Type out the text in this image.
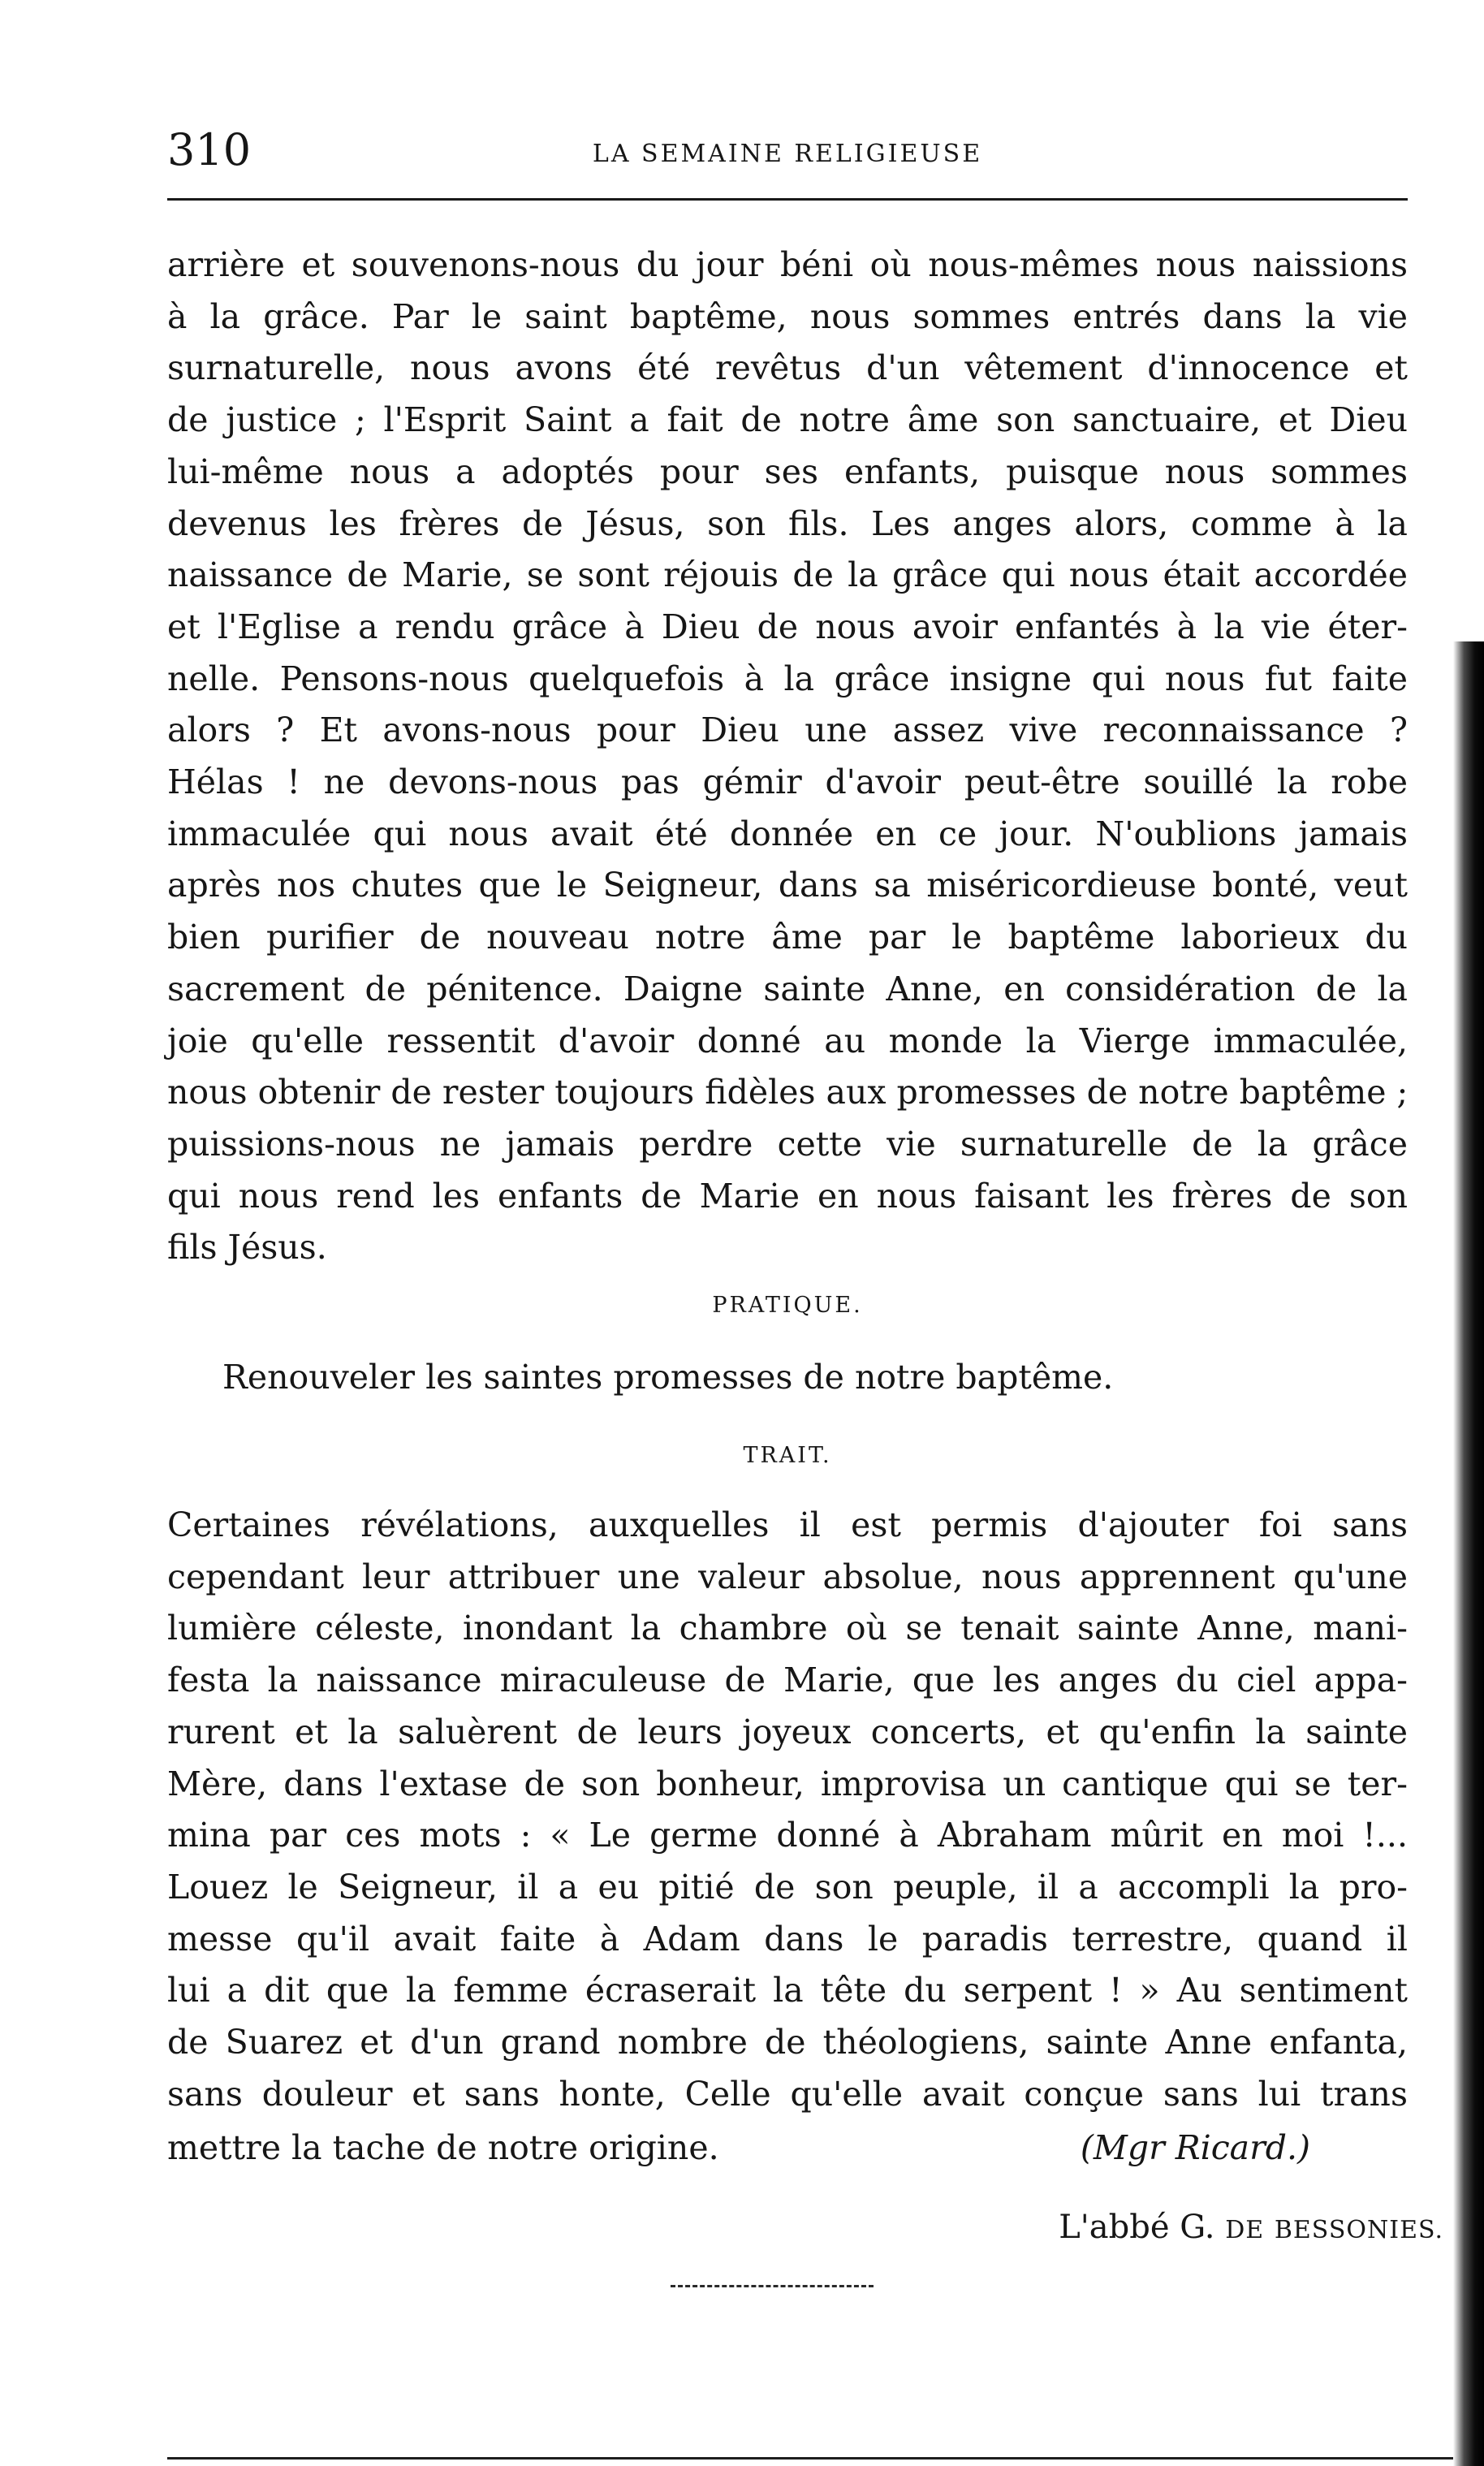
310	LA SEMAINE RELIGIEUSE
arrière et souvenons-nous du jour béni où nous-mêmes nous naissions
à la grâce. Par le saint baptême, nous sommes entrés dans la vie
surnaturelle, nous avons été revêtus d'un vêtement d'innocence et
de justice ; l'Esprit Saint a fait de notre âme son sanctuaire, et Dieu
lui-même nous a adoptés pour ses enfants, puisque nous sommes
devenus les frères de Jésus, son fils. Les anges alors, comme à la
naissance de Marie, se sont réjouis de la grâce qui nous était accordée
et l'Eglise a rendu grâce à Dieu de nous avoir enfantés à la vie éter-
nelle. Pensons-nous quelquefois à la grâce insigne qui nous fut faite
alors ? Et avons-nous pour Dieu une assez vive reconnaissance ?
Hélas ! ne devons-nous pas gémir d'avoir peut-être souillé la robe
immaculée qui nous avait été donnée en ce jour. N'oublions jamais
après nos chutes que le Seigneur, dans sa miséricordieuse bonté, veut
bien purifier de nouveau notre âme par le baptême laborieux du
sacrement de pénitence. Daigne sainte Anne, en considération de la
joie qu'elle ressentit d'avoir donné au monde la Vierge immaculée,
nous obtenir de rester toujours fidèles aux promesses de notre baptême ;
puissions-nous ne jamais perdre cette vie surnaturelle de la grâce
qui nous rend les enfants de Marie en nous faisant les frères de son
fils Jésus.
PRATIQUE.
Renouveler les saintes promesses de notre baptême.
TRAIT.
Certaines révélations, auxquelles il est permis d'ajouter foi sans
cependant leur attribuer une valeur absolue, nous apprennent qu'une
lumière céleste, inondant la chambre où se tenait sainte Anne, mani-
festa la naissance miraculeuse de Marie, que les anges du ciel appa-
rurent et la saluèrent de leurs joyeux concerts, et qu'enfin la sainte
Mère, dans l'extase de son bonheur, improvisa un cantique qui se ter-
mina par ces mots : « Le germe donné à Abraham mûrit en moi !...
Louez le Seigneur, il a eu pitié de son peuple, il a accompli la pro-
messe qu'il avait faite à Adam dans le paradis terrestre, quand il
lui a dit que la femme écraserait la tête du serpent ! » Au sentiment
de Suarez et d'un grand nombre de théologiens, sainte Anne enfanta,
sans douleur et sans honte, Celle qu'elle avait conçue sans lui trans
mettre la tache de notre origine.	(Mgr Ricard.)
L'abbé G. DE BESSONIES.
